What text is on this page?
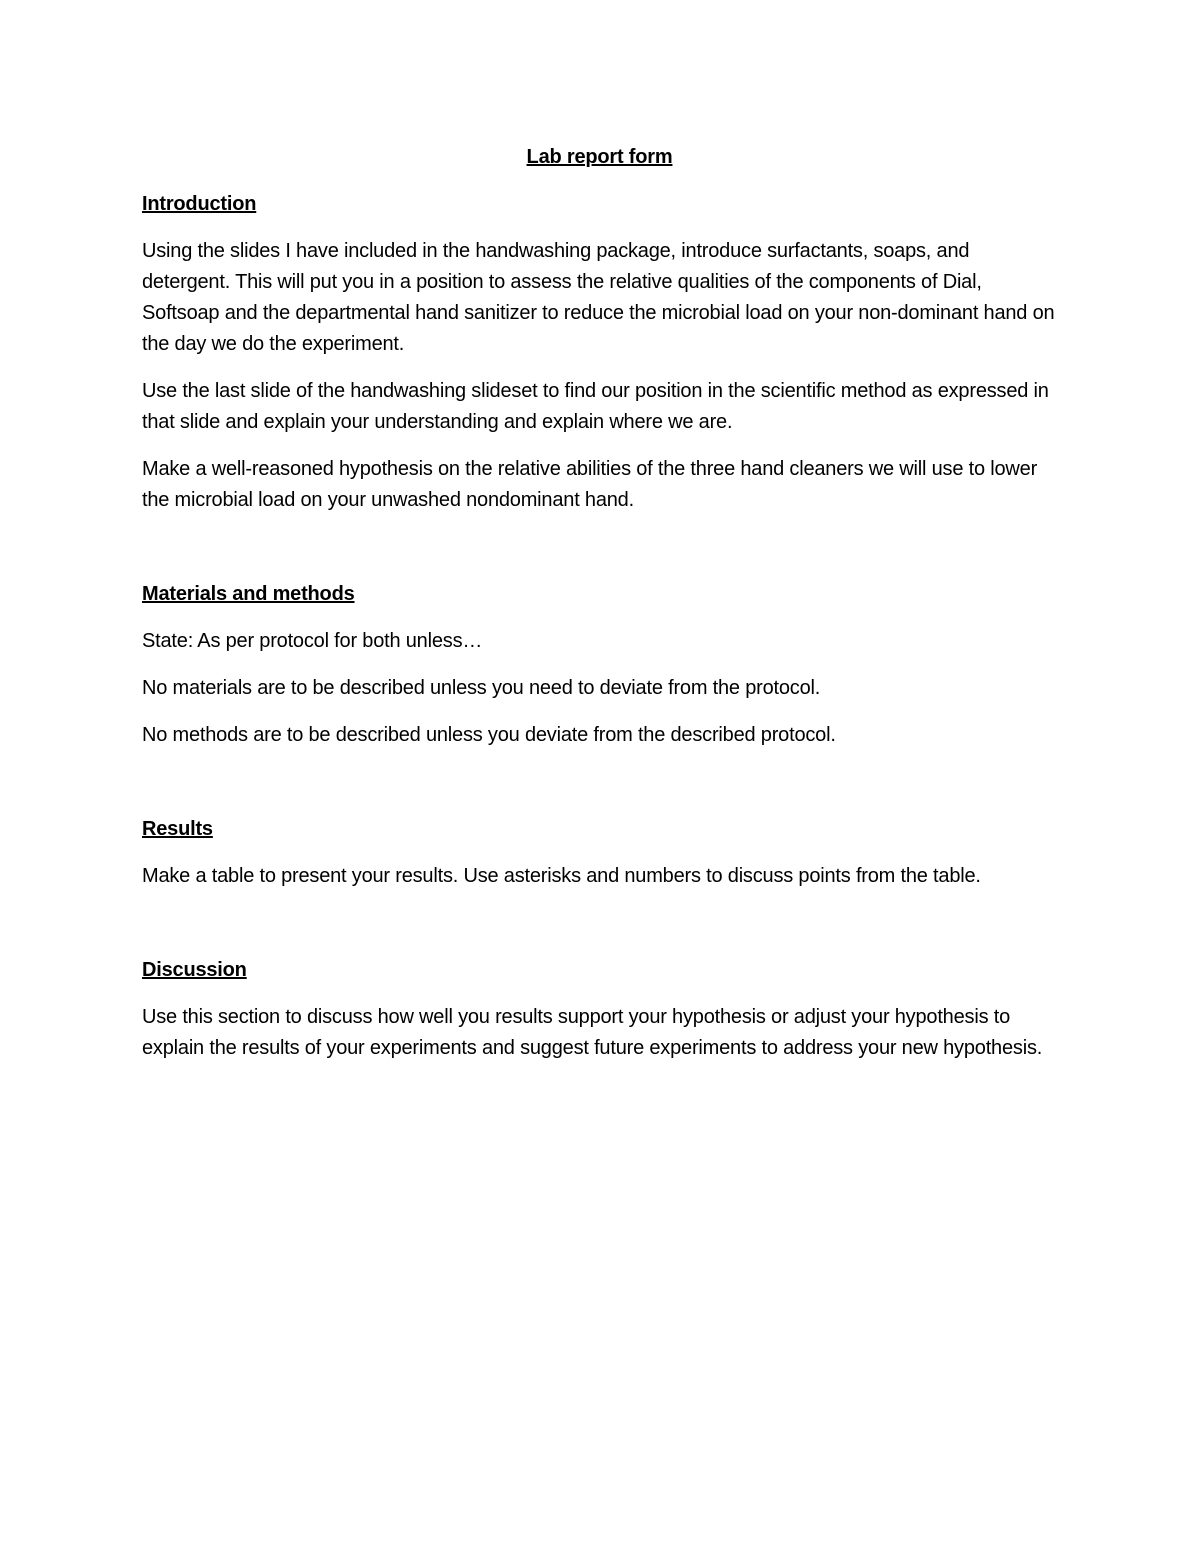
Lab report form
Introduction

Using the slides I have included in the handwashing package, introduce surfactants, soaps, and detergent. This will put you in a position to assess the relative qualities of the components of Dial, Softsoap and the departmental hand sanitizer to reduce the microbial load on your non-dominant hand on the day we do the experiment.

Use the last slide of the handwashing slideset to find our position in the scientific method as expressed in that slide and explain your understanding and explain where we are.

Make a well-reasoned hypothesis on the relative abilities of the three hand cleaners we will use to lower the microbial load on your unwashed nondominant hand.

Materials and methods

State: As per protocol for both unless…

No materials are to be described unless you need to deviate from the protocol.

No methods are to be described unless you deviate from the described protocol.

Results

Make a table to present your results. Use asterisks and numbers to discuss points from the table.

Discussion

Use this section to discuss how well you results support your hypothesis or adjust your hypothesis to explain the results of your experiments and suggest future experiments to address your new hypothesis.
